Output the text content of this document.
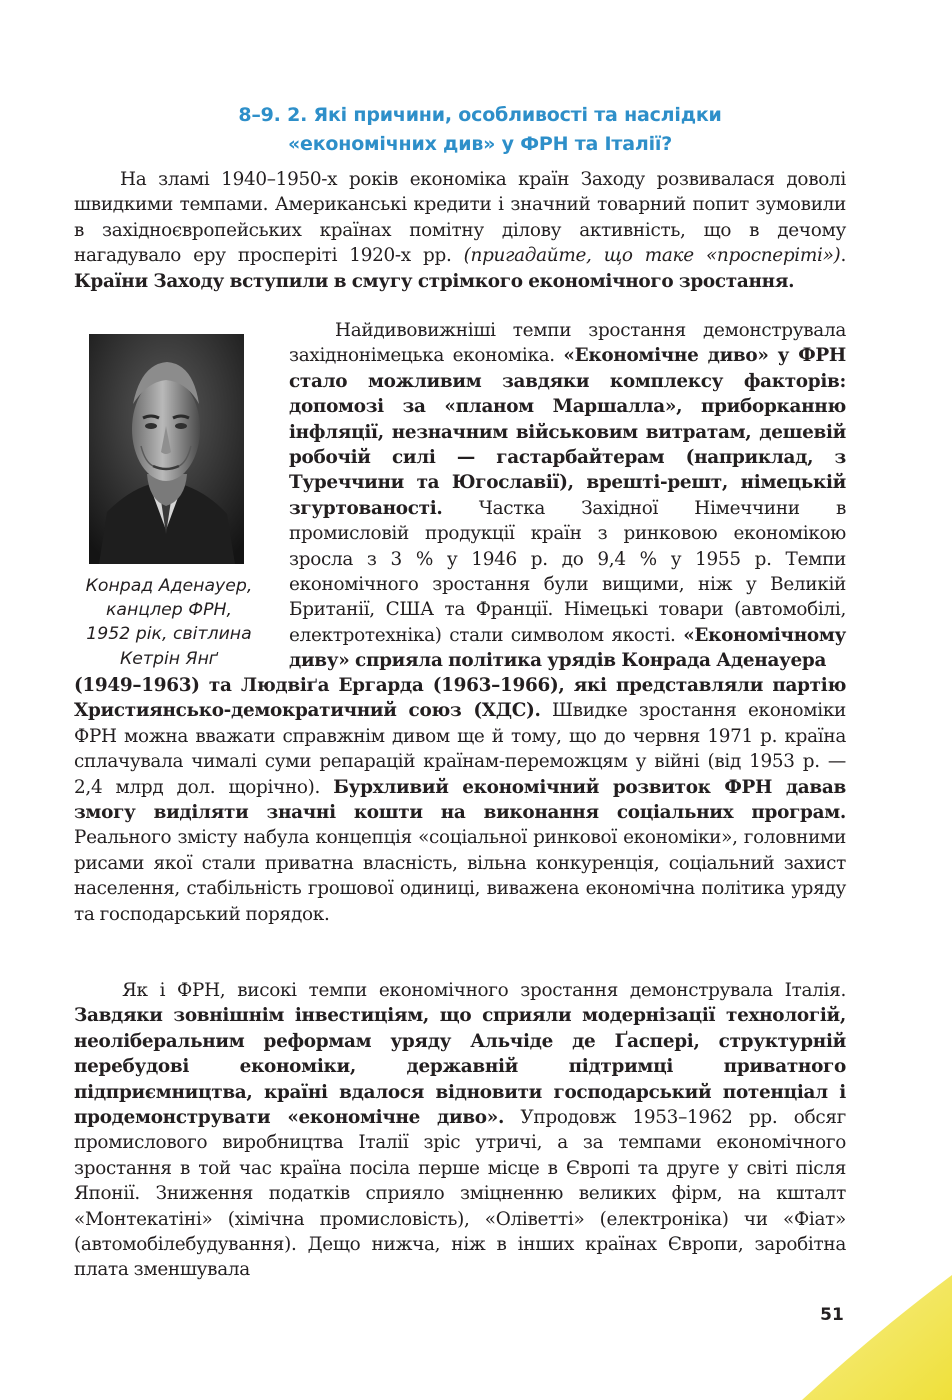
8–9. 2. Які причини, особливості та наслідки
«економічних див» у ФРН та Італії?

На зламі 1940–1950-х років економіка країн Заходу розвивалася доволі швидкими темпами. Американські кредити і значний товарний попит зумовили в західноєвропейських країнах помітну ділову активність, що в дечому нагадувало еру просперіті 1920-х рр. (пригадайте, що таке «просперіті»). Країни Заходу вступили в смугу стрімкого економічного зростання.

Конрад Аденауер,
канцлер ФРН,
1952 рік, світлина
Кетрін Янґ

Найдивовижніші темпи зростання демонструвала західнонімецька економіка. «Економічне диво» у ФРН стало можливим завдяки комплексу факторів: допомозі за «планом Маршалла», приборканню інфляції, незначним військовим витратам, дешевій робочій силі — гастарбайтерам (наприклад, з Туреччини та Югославії), врешті-решт, німецькій згуртованості. Частка Західної Німеччини в промисловій продукції країн з ринковою економікою зросла з 3 % у 1946 р. до 9,4 % у 1955 р. Темпи економічного зростання були вищими, ніж у Великій Британії, США та Франції. Німецькі товари (автомобілі, електротехніка) стали символом якості. «Економічному диву» сприяла політика урядів Конрада Аденауера

(1949–1963) та Людвіґа Ергарда (1963–1966), які представляли партію Християнсько-демократичний союз (ХДС). Швидке зростання економіки ФРН можна вважати справжнім дивом ще й тому, що до червня 1971 р. країна сплачувала чималі суми репарацій країнам-переможцям у війні (від 1953 р. — 2,4 млрд дол. щорічно). Бурхливий економічний розвиток ФРН давав змогу виділяти значні кошти на виконання соціальних програм. Реального змісту набула концепція «соціальної ринкової економіки», головними рисами якої стали приватна власність, вільна конкуренція, соціальний захист населення, стабільність грошової одиниці, виважена економічна політика уряду та господарський порядок.

Як і ФРН, високі темпи економічного зростання демонструвала Італія. Завдяки зовнішнім інвестиціям, що сприяли модернізації технологій, неоліберальним реформам уряду Альчіде де Ґаспері, структурній перебудові економіки, державній підтримці приватного підприємництва, країні вдалося відновити господарський потенціал і продемонструвати «економічне диво». Упродовж 1953–1962 рр. обсяг промислового виробництва Італії зріс утричі, а за темпами економічного зростання в той час країна посіла перше місце в Європі та друге у світі після Японії. Зниження податків сприяло зміцненню великих фірм, на кшталт «Монтекатіні» (хімічна промисловість), «Оліветті» (електроніка) чи «Фіат» (автомобілебудування). Дещо нижча, ніж в інших країнах Європи, заробітна плата зменшувала

51
